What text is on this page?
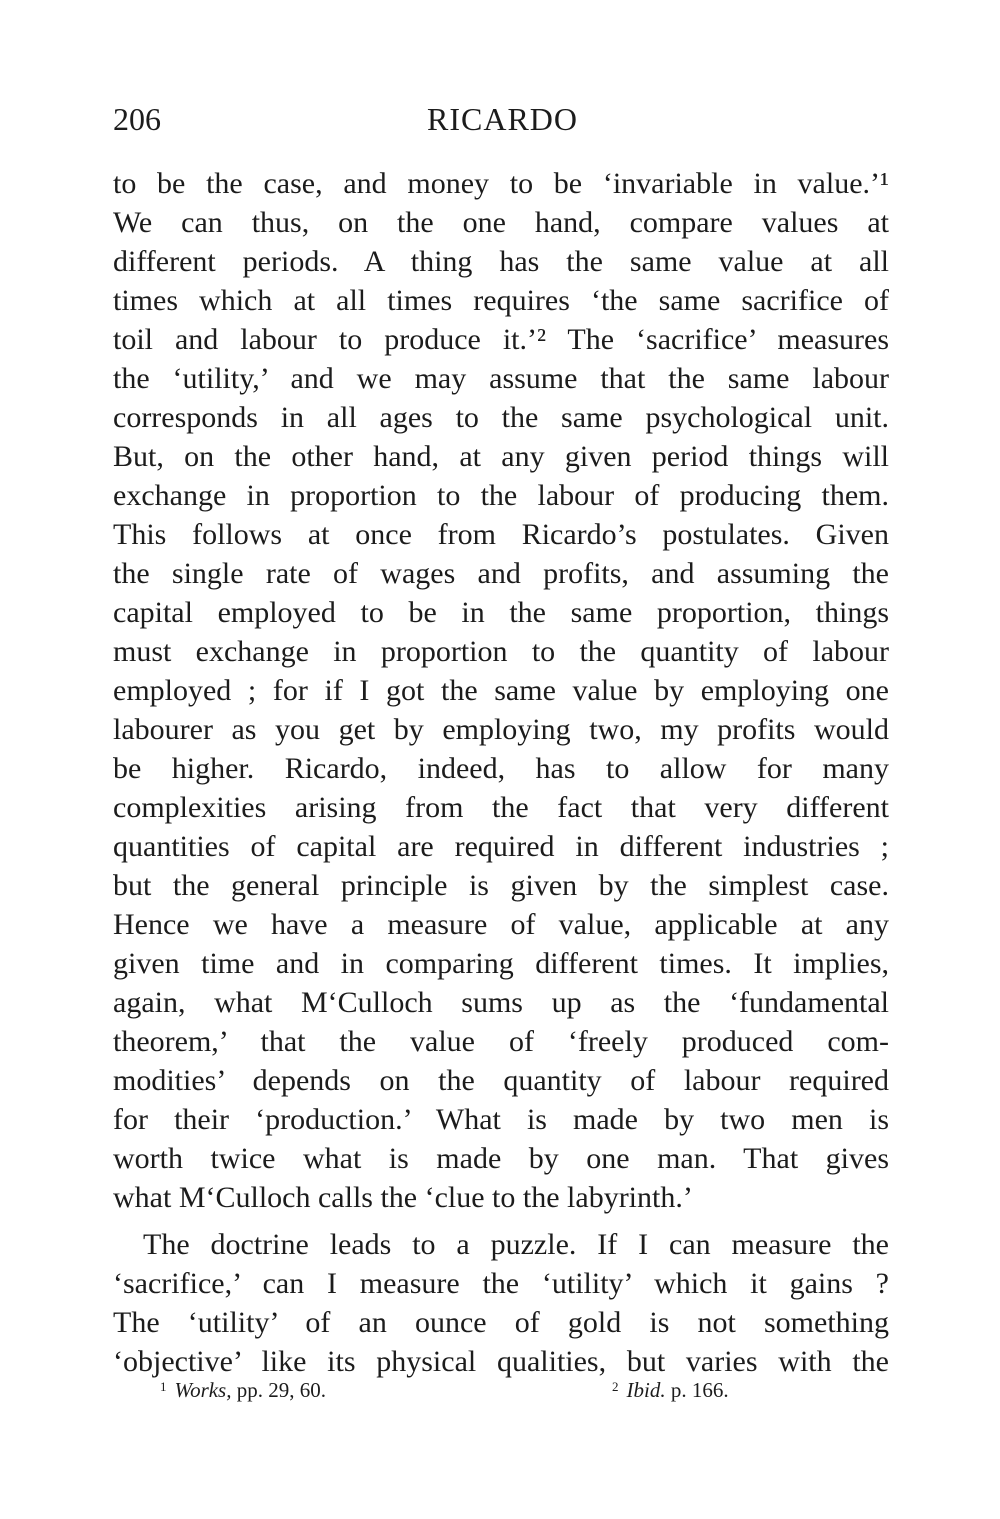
206	RICARDO
to be the case, and money to be ‘invariable in value.’¹
We can thus, on the one hand, compare values at
different periods. A thing has the same value at all
times which at all times requires ‘the same sacrifice of
toil and labour to produce it.’² The ‘sacrifice’ measures
the ‘utility,’ and we may assume that the same labour
corresponds in all ages to the same psychological unit.
But, on the other hand, at any given period things will
exchange in proportion to the labour of producing them.
This follows at once from Ricardo’s postulates. Given
the single rate of wages and profits, and assuming the
capital employed to be in the same proportion, things
must exchange in proportion to the quantity of labour
employed ; for if I got the same value by employing one
labourer as you get by employing two, my profits would
be higher. Ricardo, indeed, has to allow for many
complexities arising from the fact that very different
quantities of capital are required in different industries ;
but the general principle is given by the simplest case.
Hence we have a measure of value, applicable at any
given time and in comparing different times. It implies,
again, what M‘Culloch sums up as the ‘fundamental
theorem,’ that the value of ‘freely produced com-
modities’ depends on the quantity of labour required
for their ‘production.’ What is made by two men is
worth twice what is made by one man. That gives
what M‘Culloch calls the ‘clue to the labyrinth.’
The doctrine leads to a puzzle. If I can measure the
‘sacrifice,’ can I measure the ‘utility’ which it gains ?
The ‘utility’ of an ounce of gold is not something
‘objective’ like its physical qualities, but varies with the
$^1$ Works, pp. 29, 60.	$^2$ Ibid. p. 166.
